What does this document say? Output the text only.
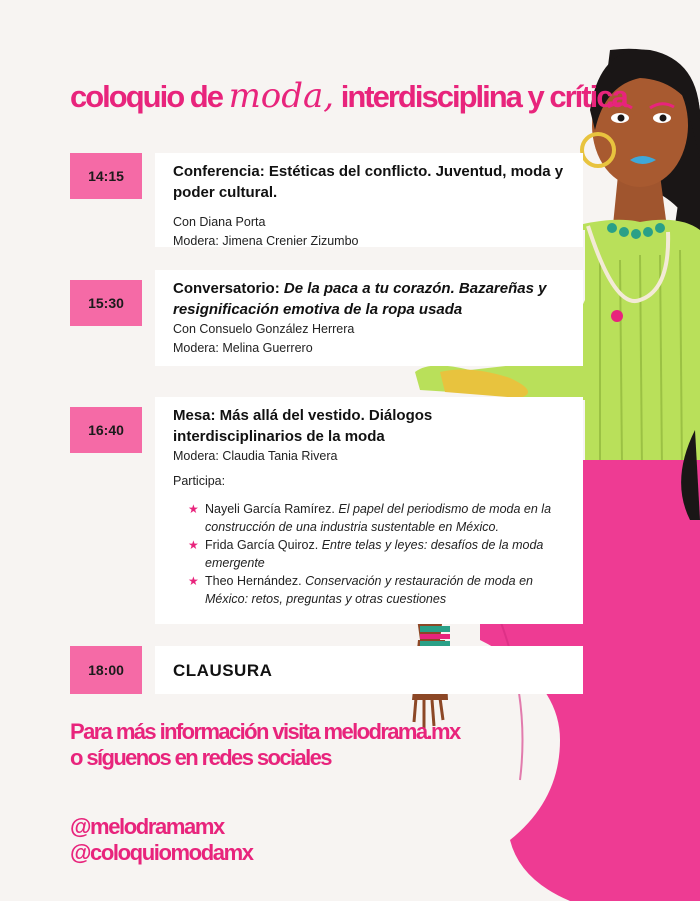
coloquio de moda, interdisciplina y crítica
14:15	Conferencia: Estéticas del conflicto. Juventud, moda y poder cultural.

Con Diana Porta

Modera: Jimena Crenier Zizumbo

15:30
Conversatorio: De la paca a tu corazón. Bazareñas y resignificación emotiva de la ropa usada

Con Consuelo González Herrera

Modera: Melina Guerrero

16:40
Mesa: Más allá del vestido. Diálogos interdisciplinarios de la moda

Modera: Claudia Tania Rivera

Participa:

★ Nayeli García Ramírez. El papel del periodismo de moda en la construcción de una industria sustentable en México.
★ Frida García Quiroz. Entre telas y leyes: desafíos de la moda emergente
★ Theo Hernández. Conservación y restauración de moda en México: retos, preguntas y otras cuestiones
18:00	CLAUSURA

Para más información visita melodrama.mx o síguenos en redes sociales

@melodramamx

@coloquiomodamx
